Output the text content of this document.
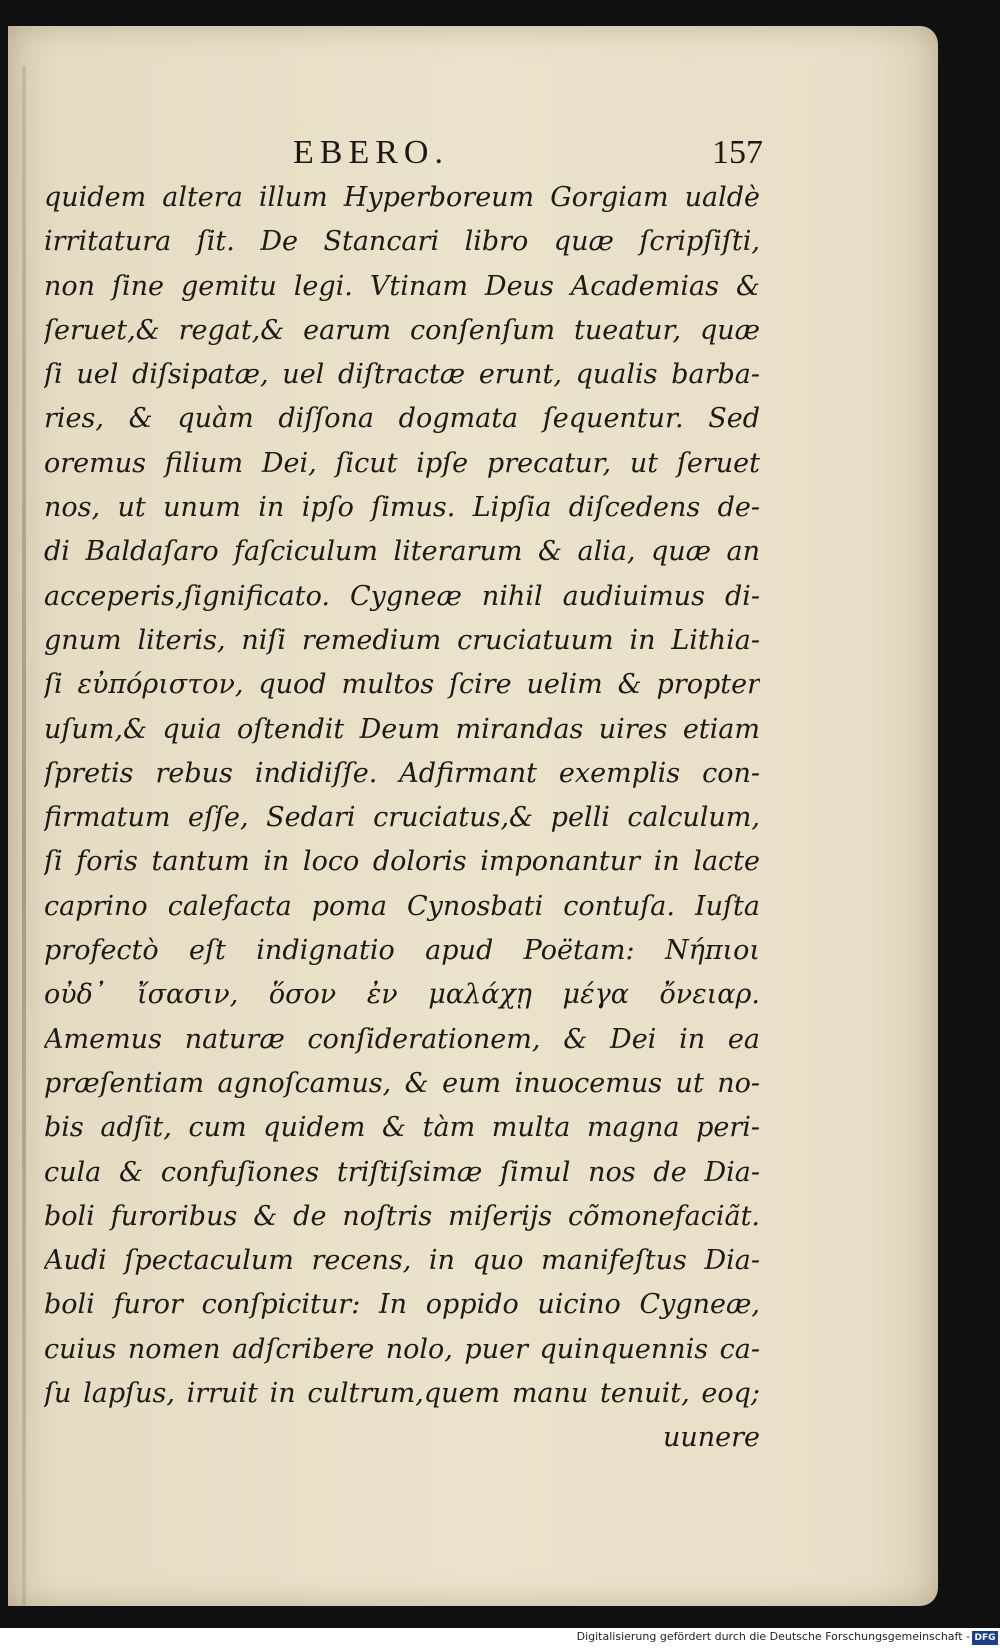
EBERO.	157
quidem altera illum Hyperboreum Gorgiam ualdè
irritatura ſit. De Stancari libro quæ ſcripſiſti,
non ſine gemitu legi. Vtinam Deus Academias &
ſeruet,& regat,& earum conſenſum tueatur, quæ
ſi uel diſsipatæ, uel diſtractæ erunt, qualis barba-
ries, & quàm diſſona dogmata ſequentur. Sed
oremus filium Dei, ſicut ipſe precatur, ut ſeruet
nos, ut unum in ipſo ſimus. Lipſia diſcedens de-
di Baldaſaro faſciculum literarum & alia, quæ an
acceperis,ſignificato. Cygneæ nihil audiuimus di-
gnum literis, niſi remedium cruciatuum in Lithia-
ſi εὐπόριστον, quod multos ſcire uelim & propter
uſum,& quia oſtendit Deum mirandas uires etiam
ſpretis rebus indidiſſe. Adfirmant exemplis con-
firmatum eſſe, Sedari cruciatus,& pelli calculum,
ſi foris tantum in loco doloris imponantur in lacte
caprino calefacta poma Cynosbati contuſa. Iuſta
profectò eſt indignatio apud Poëtam: Νήπιοι
οὐδ᾽ ἴσασιν, ὅσον ἐν μαλάχῃ μέγα ὄνειαρ.
Amemus naturæ conſiderationem, & Dei in ea
præſentiam agnoſcamus, & eum inuocemus ut no-
bis adſit, cum quidem & tàm multa magna peri-
cula & confuſiones triſtiſsimæ ſimul nos de Dia-
boli furoribus & de noſtris miſerijs cõmonefaciãt.
Audi ſpectaculum recens, in quo manifeſtus Dia-
boli furor conſpicitur: In oppido uicino Cygneæ,
cuius nomen adſcribere nolo, puer quinquennis ca-
ſu lapſus, irruit in cultrum,quem manu tenuit, eoq;
uunere
Digitalisierung gefördert durch die Deutsche Forschungsgemeinschaft - DFG
